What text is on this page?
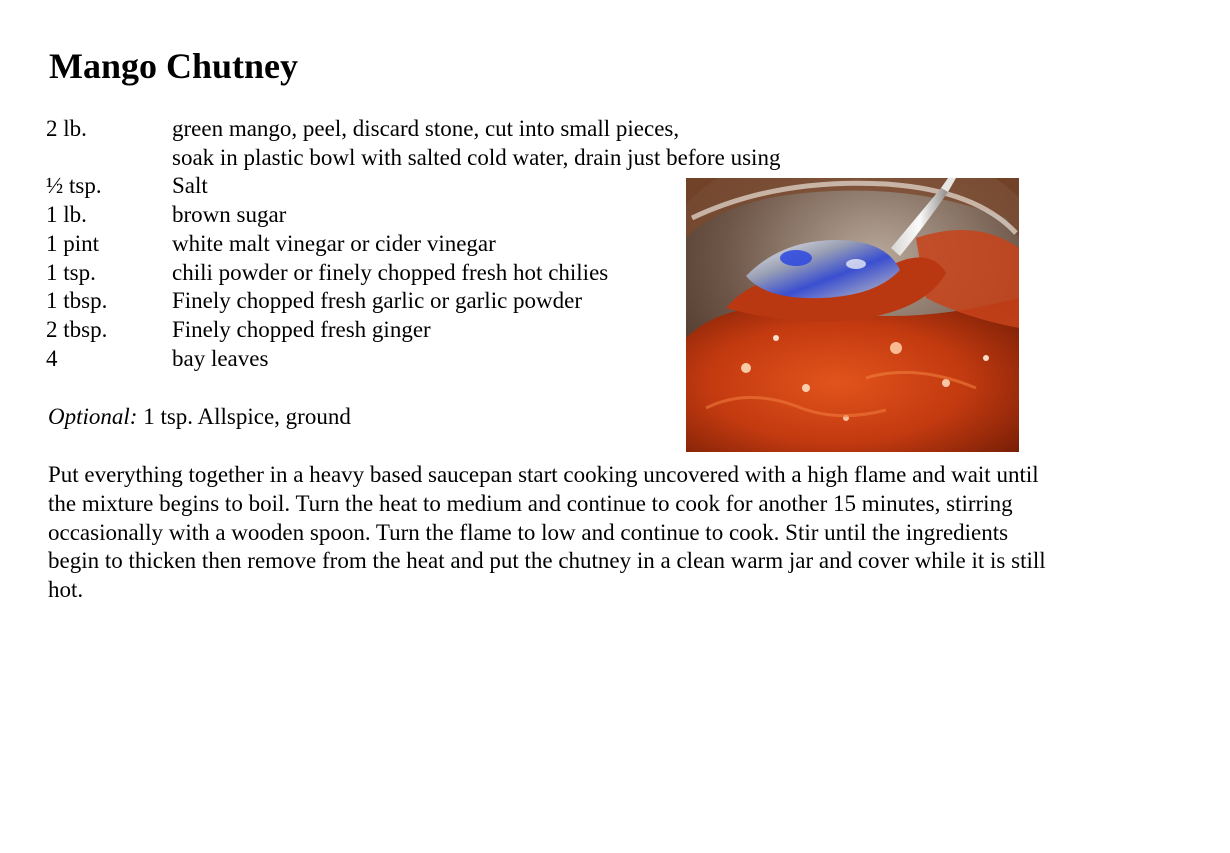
Mango Chutney
2 lb.	green mango, peel, discard stone, cut into small pieces,
soak in plastic bowl with salted cold water, drain just before using
½ tsp.	Salt
1 lb.	brown sugar
1 pint	white malt vinegar or cider vinegar
1 tsp.	chili powder or finely chopped fresh hot chilies
1 tbsp.	Finely chopped fresh garlic or garlic powder
2 tbsp.	Finely chopped fresh ginger
4	bay leaves
Optional: 1 tsp. Allspice, ground

Put everything together in a heavy based saucepan start cooking uncovered with a high flame and wait until the mixture begins to boil. Turn the heat to medium and continue to cook for another 15 minutes, stirring occasionally with a wooden spoon. Turn the flame to low and continue to cook. Stir until the ingredients begin to thicken then remove from the heat and put the chutney in a clean warm jar and cover while it is still hot.
